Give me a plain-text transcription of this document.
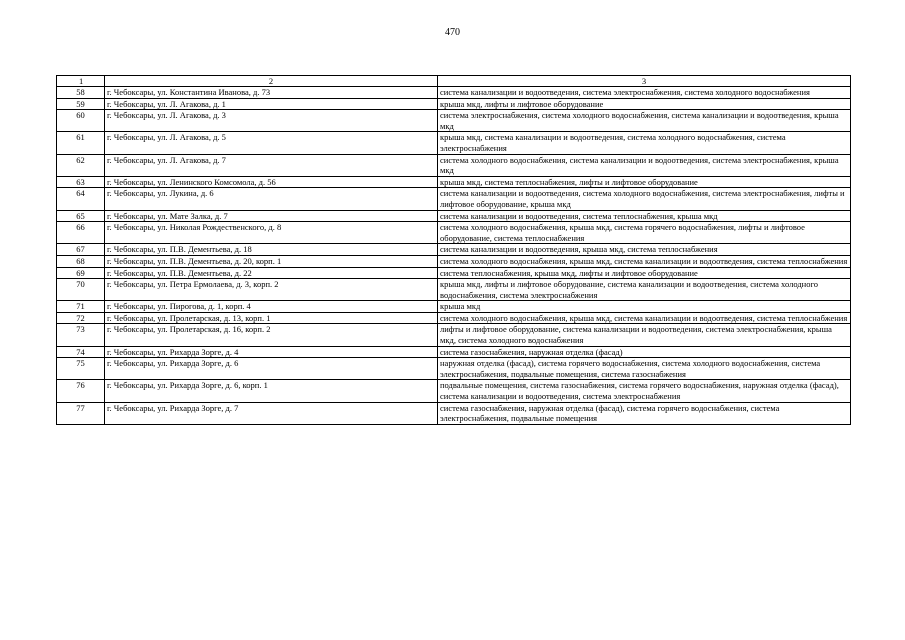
470
1	2	3
58	г. Чебоксары, ул. Константина Иванова, д. 73	система канализации и водоотведения, система электроснабжения, система холодного водоснабжения
59	г. Чебоксары, ул. Л. Агакова, д. 1	крыша мкд, лифты и лифтовое оборудование
60	г. Чебоксары, ул. Л. Агакова, д. 3	система электроснабжения, система холодного водоснабжения, система канализации и водоотведения, крыша мкд
61	г. Чебоксары, ул. Л. Агакова, д. 5	крыша мкд, система канализации и водоотведения, система холодного водоснабжения, система электроснабжения
62	г. Чебоксары, ул. Л. Агакова, д. 7	система холодного водоснабжения, система канализации и водоотведения, система электроснабжения, крыша мкд
63	г. Чебоксары, ул. Ленинского Комсомола, д. 56	крыша мкд, система теплоснабжения, лифты и лифтовое оборудование
64	г. Чебоксары, ул. Лукина, д. 6	система канализации и водоотведения, система холодного водоснабжения, система электроснабжения, лифты и лифтовое оборудование, крыша мкд
65	г. Чебоксары, ул. Мате Залка, д. 7	система канализации и водоотведения, система теплоснабжения, крыша мкд
66	г. Чебоксары, ул. Николая Рождественского, д. 8	система холодного водоснабжения, крыша мкд, система горячего водоснабжения, лифты и лифтовое оборудование, система теплоснабжения
67	г. Чебоксары, ул. П.В. Дементьева, д. 18	система канализации и водоотведения, крыша мкд, система теплоснабжения
68	г. Чебоксары, ул. П.В. Дементьева, д. 20, корп. 1	система холодного водоснабжения, крыша мкд, система канализации и водоотведения, система теплоснабжения
69	г. Чебоксары, ул. П.В. Дементьева, д. 22	система теплоснабжения, крыша мкд, лифты и лифтовое оборудование
70	г. Чебоксары, ул. Петра Ермолаева, д. 3, корп. 2	крыша мкд, лифты и лифтовое оборудование, система канализации и водоотведения, система холодного водоснабжения, система электроснабжения
71	г. Чебоксары, ул. Пирогова, д. 1, корп. 4	крыша мкд
72	г. Чебоксары, ул. Пролетарская, д. 13, корп. 1	система холодного водоснабжения, крыша мкд, система канализации и водоотведения, система теплоснабжения
73	г. Чебоксары, ул. Пролетарская, д. 16, корп. 2	лифты и лифтовое оборудование, система канализации и водоотведения, система электроснабжения, крыша мкд, система холодного водоснабжения
74	г. Чебоксары, ул. Рихарда Зорге, д. 4	система газоснабжения, наружная отделка (фасад)
75	г. Чебоксары, ул. Рихарда Зорге, д. 6	наружная отделка (фасад), система горячего водоснабжения, система холодного водоснабжения, система электроснабжения, подвальные помещения, система газоснабжения
76	г. Чебоксары, ул. Рихарда Зорге, д. 6, корп. 1	подвальные помещения, система газоснабжения, система горячего водоснабжения, наружная отделка (фасад), система канализации и водоотведения, система электроснабжения
77	г. Чебоксары, ул. Рихарда Зорге, д. 7	система газоснабжения, наружная отделка (фасад), система горячего водоснабжения, система электроснабжения, подвальные помещения
